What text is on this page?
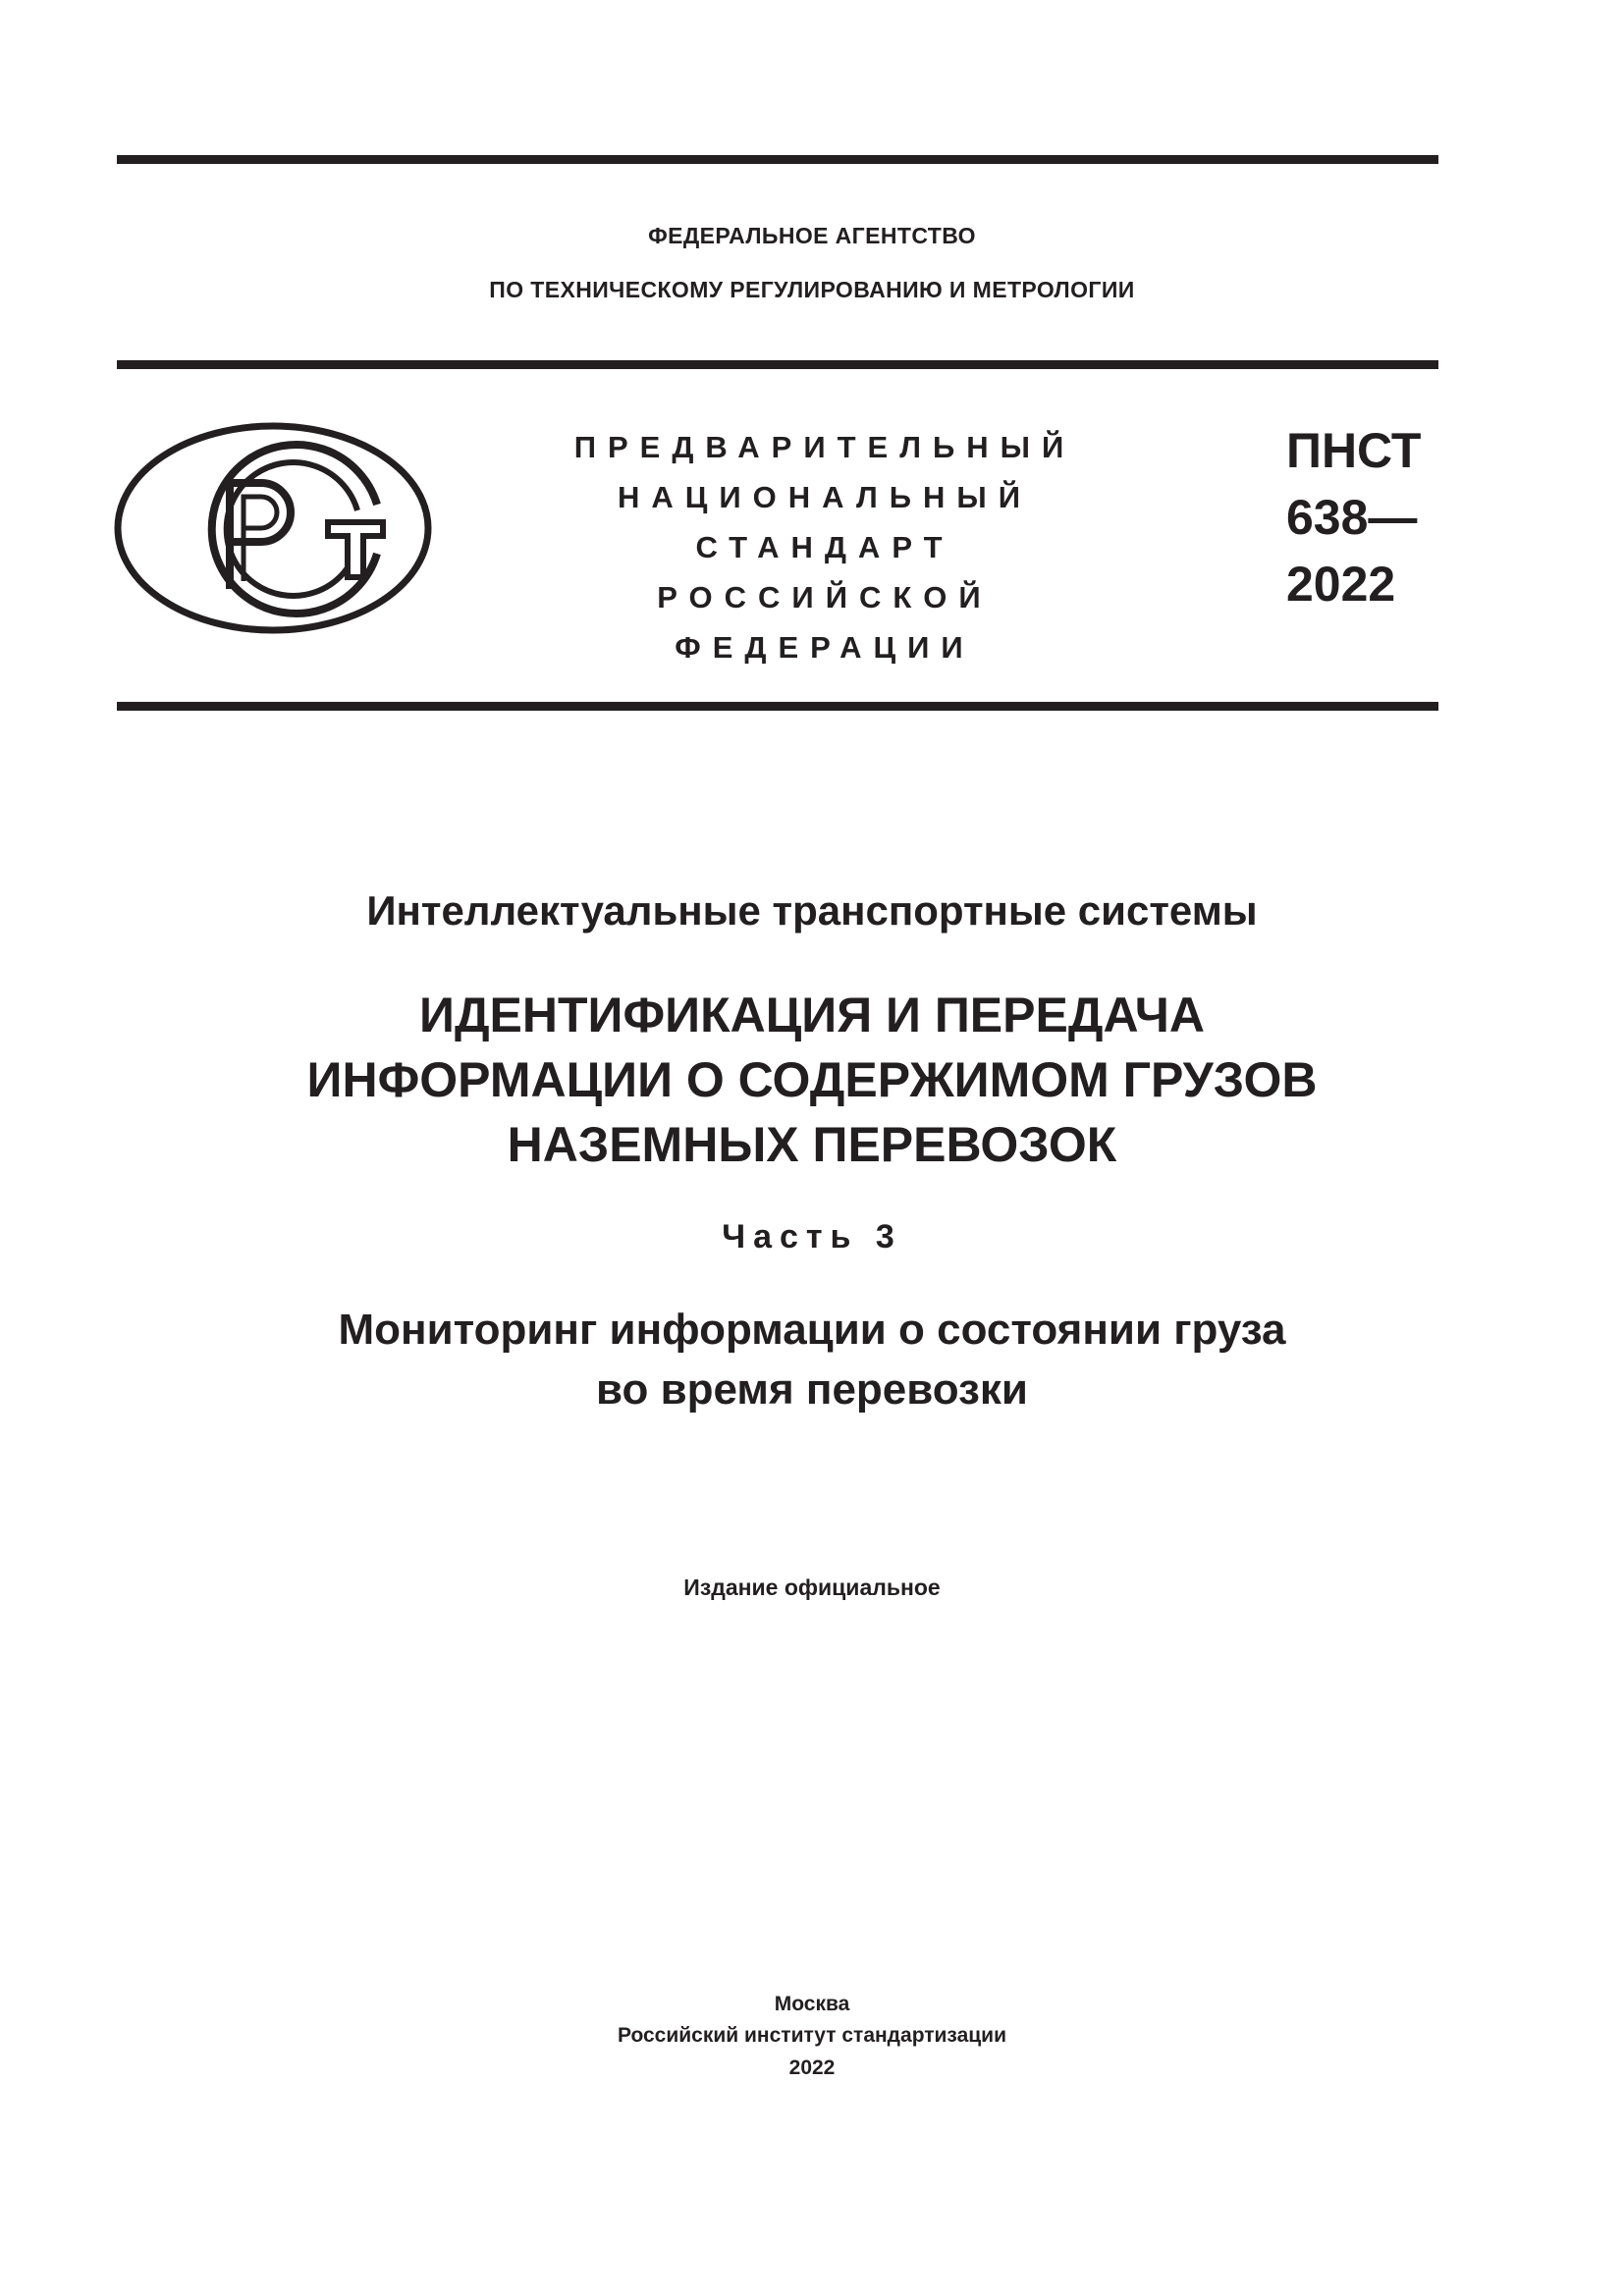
ФЕДЕРАЛЬНОЕ АГЕНТСТВО
ПО ТЕХНИЧЕСКОМУ РЕГУЛИРОВАНИЮ И МЕТРОЛОГИИ
ПРЕДВАРИТЕЛЬНЫЙ
НАЦИОНАЛЬНЫЙ
СТАНДАРТ
РОССИЙСКОЙ
ФЕДЕРАЦИИ
ПНСТ
638—
2022
Интеллектуальные транспортные системы
ИДЕНТИФИКАЦИЯ И ПЕРЕДАЧА
ИНФОРМАЦИИ О СОДЕРЖИМОМ ГРУЗОВ
НАЗЕМНЫХ ПЕРЕВОЗОК
Часть 3
Мониторинг информации о состоянии груза
во время перевозки
Издание официальное
Москва
Российский институт стандартизации
2022
